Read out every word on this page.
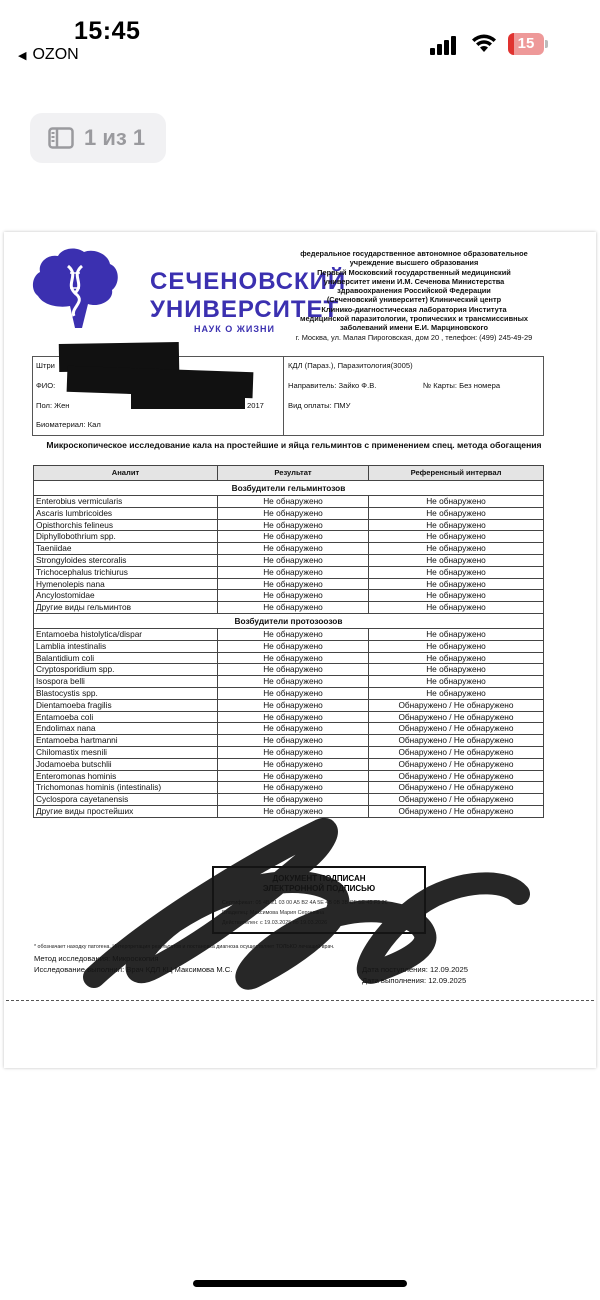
15:45
◀ OZON
15
1 из 1
СЕЧЕНОВСКИЙ
УНИВЕРСИТЕТ
НАУК О ЖИЗНИ
федеральное государственное автономное образовательное
учреждение высшего образования
Первый Московский государственный медицинский
университет имени И.М. Сеченова Министерства
здравоохранения Российской Федерации
(Сеченовский университет) Клинический центр
Клинико-диагностическая лаборатория Института
медицинской паразитологии, тропических и трансмиссивных
заболеваний имени Е.И. Марциновского
г. Москва, ул. Малая Пироговская, дом 20 , телефон: (499) 245-49-29
Штри
ФИО:
Пол: Жен	2017
Биоматериал: Кал
КДЛ (Параз.), Паразитология(3005)
Направитель: Зайко Ф.В.	№ Карты: Без номера
Вид оплаты: ПМУ
Микроскопическое исследование кала на простейшие и яйца гельминтов с применением спец. метода обогащения
Аналит	Результат	Референсный интервал
Возбудители гельминтозов		
Enterobius vermicularis	Не обнаружено	Не обнаружено
Ascaris lumbricoides	Не обнаружено	Не обнаружено
Opisthorchis felineus	Не обнаружено	Не обнаружено
Diphyllobothrium spp.	Не обнаружено	Не обнаружено
Taeniidae	Не обнаружено	Не обнаружено
Strongyloides stercoralis	Не обнаружено	Не обнаружено
Trichocephalus trichiurus	Не обнаружено	Не обнаружено
Hymenolepis nana	Не обнаружено	Не обнаружено
Ancylostomidae	Не обнаружено	Не обнаружено
Другие виды гельминтов	Не обнаружено	Не обнаружено
Возбудители протозоозов		
Entamoeba histolytica/dispar	Не обнаружено	Не обнаружено
Lamblia intestinalis	Не обнаружено	Не обнаружено
Balantidium coli	Не обнаружено	Не обнаружено
Cryptosporidium spp.	Не обнаружено	Не обнаружено
Isospora belli	Не обнаружено	Не обнаружено
Blastocystis spp.	Не обнаружено	Не обнаружено
Dientamoeba fragilis	Не обнаружено	Обнаружено / Не обнаружено
Entamoeba coli	Не обнаружено	Обнаружено / Не обнаружено
Endolimax nana	Не обнаружено	Обнаружено / Не обнаружено
Entamoeba hartmanni	Не обнаружено	Обнаружено / Не обнаружено
Chilomastix mesnili	Не обнаружено	Обнаружено / Не обнаружено
Jodamoeba butschlii	Не обнаружено	Обнаружено / Не обнаружено
Enteromonas hominis	Не обнаружено	Обнаружено / Не обнаружено
Trichomonas hominis (intestinalis)	Не обнаружено	Обнаружено / Не обнаружено
Cyclospora cayetanensis	Не обнаружено	Обнаружено / Не обнаружено
Другие виды простейших	Не обнаружено	Обнаружено / Не обнаружено
ДОКУМЕНТ ПОДПИСАН
ЭЛЕКТРОННОЙ ПОДПИСЬЮ
Сертификат: 05 4B 21 03 00 A5 B2 4A 5E 4B 0B 3B CF 5E 45 F5 26
Владелец: Максимова Мария Сергеевна
Действителен: с 19.03.2025 по 19.03.2026
* обозначает находку патогена. Интерпретация результатов и постановка диагноза осуществляет ТОЛЬКО лечащий врач.
Метод исследования: Микроскопия
Исследование выполнил: Врач КДЛ КЦ Максимова М.С.	Дата поступления: 12.09.2025
Дата выполнения: 12.09.2025
